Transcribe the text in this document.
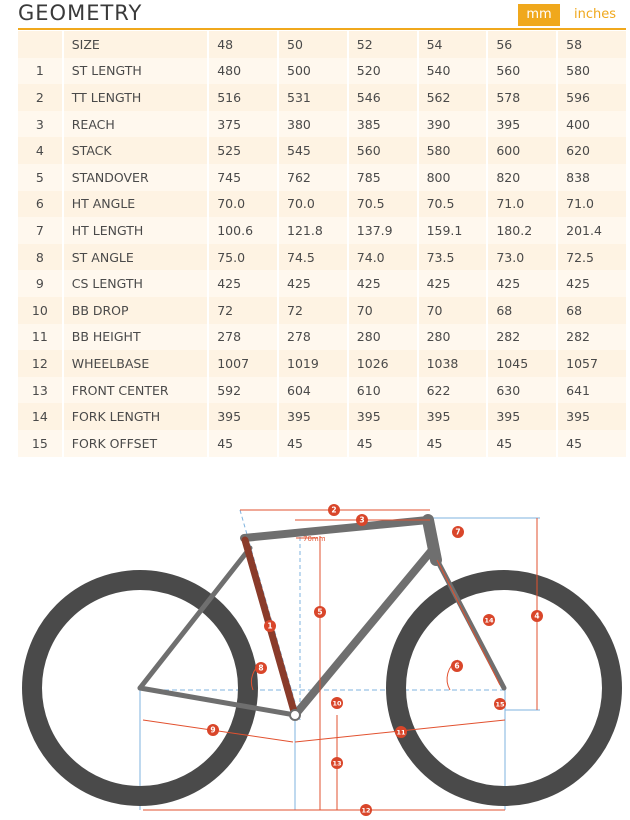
GEOMETRY	mm	inches
	SIZE	48	50	52	54	56	58
1	ST LENGTH	480	500	520	540	560	580
2	TT LENGTH	516	531	546	562	578	596
3	REACH	375	380	385	390	395	400
4	STACK	525	545	560	580	600	620
5	STANDOVER	745	762	785	800	820	838
6	HT ANGLE	70.0	70.0	70.5	70.5	71.0	71.0
7	HT LENGTH	100.6	121.8	137.9	159.1	180.2	201.4
8	ST ANGLE	75.0	74.5	74.0	73.5	73.0	72.5
9	CS LENGTH	425	425	425	425	425	425
10	BB DROP	72	72	70	70	68	68
11	BB HEIGHT	278	278	280	280	282	282
12	WHEELBASE	1007	1019	1026	1038	1045	1057
13	FRONT CENTER	592	604	610	622	630	641
14	FORK LENGTH	395	395	395	395	395	395
15	FORK OFFSET	45	45	45	45	45	45
70mm
1
2
3
4
5
6
7
8
9
10
11
12
13
14
15
